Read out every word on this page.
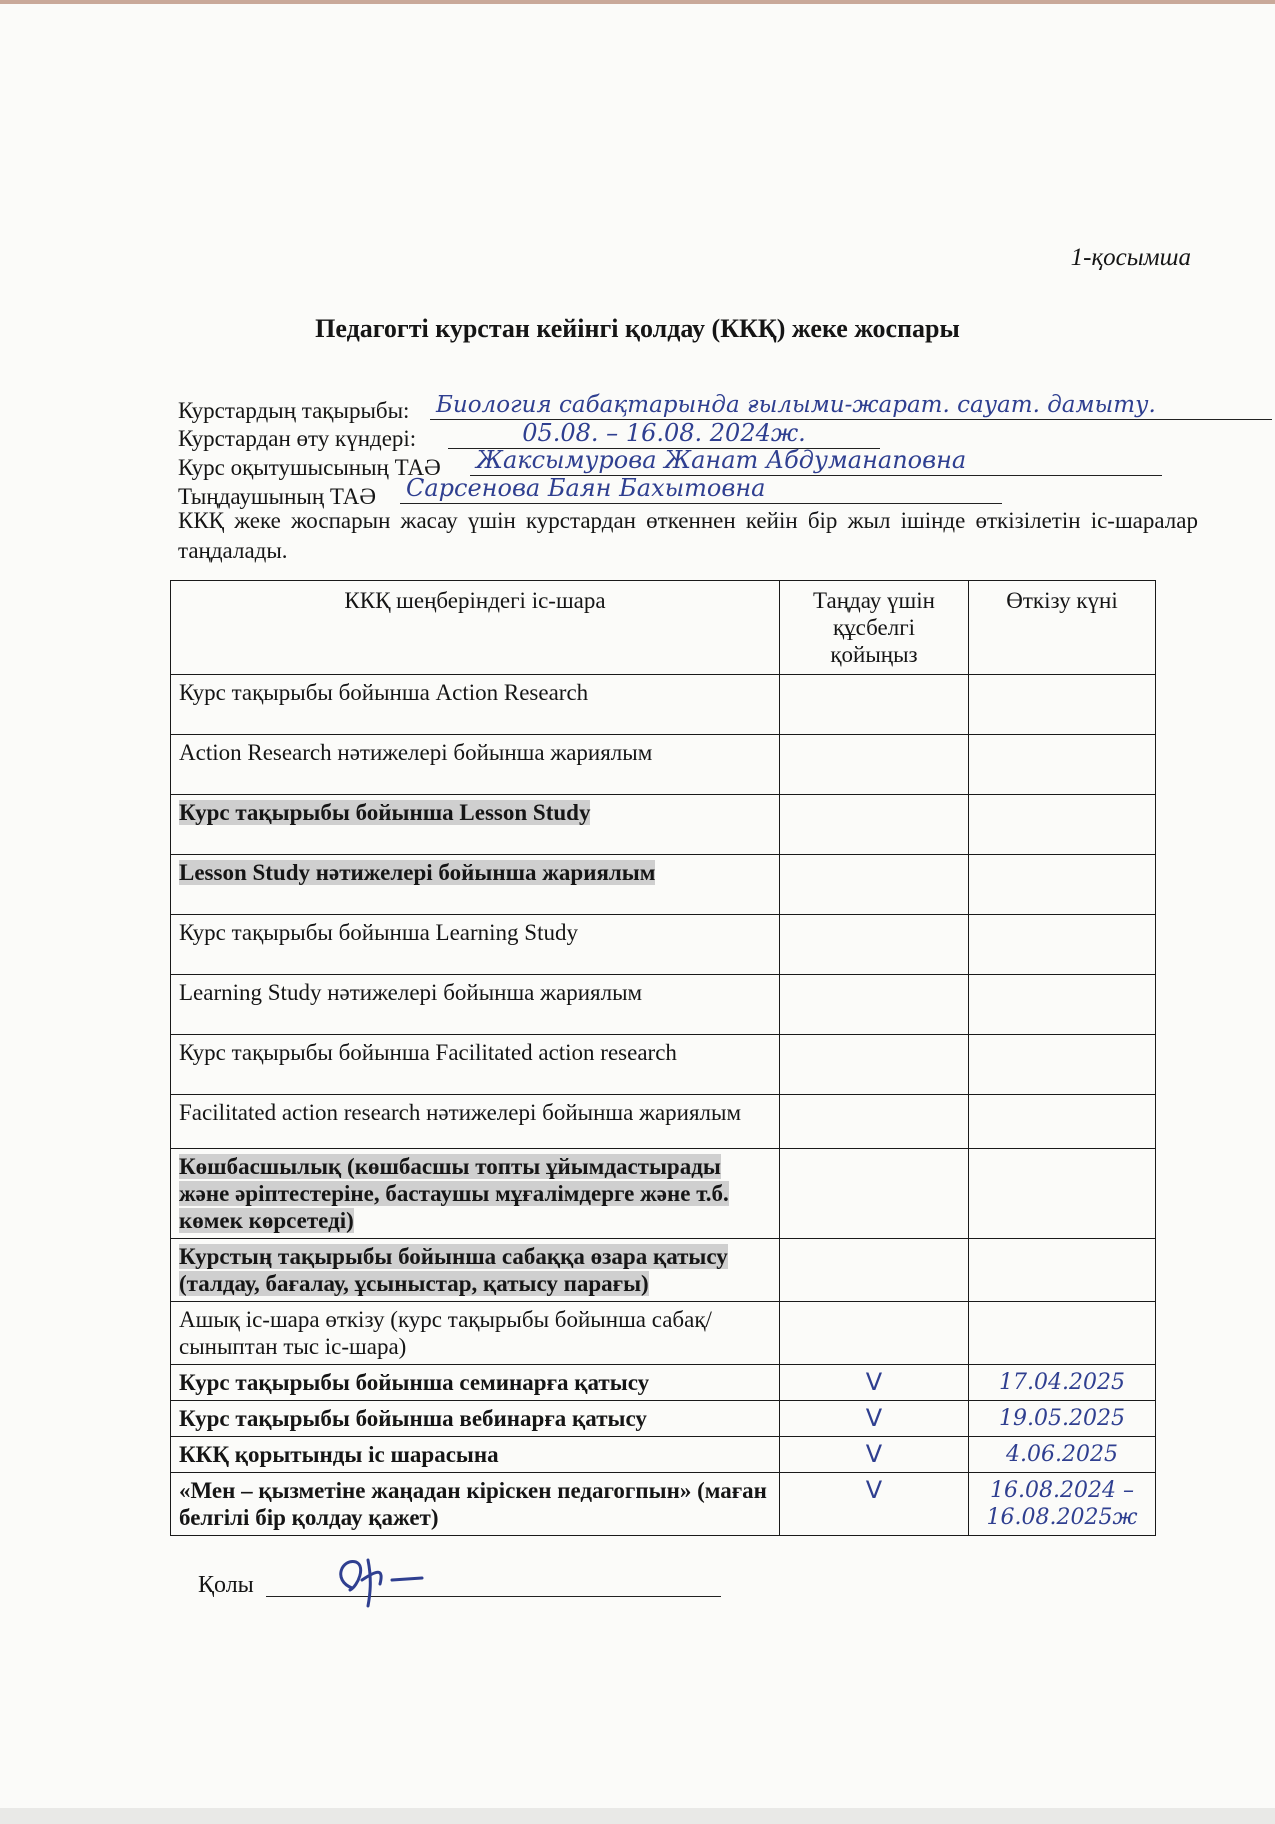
1-қосымша
Педагогті курстан кейінгі қолдау (ККҚ) жеке жоспары
Курстардың тақырыбы: Биология сабақтарында ғылыми-жарат. сауат. дамыту.
Курстардан өту күндері:	05.08. – 16.08. 2024ж.
Курс оқытушысының ТАӘ Жаксымурова Жанат Абдуманаповна
Тыңдаушының ТАӘ Сарсенова Баян Бахытовна
ККҚ жеке жоспарын жасау үшін курстардан өткеннен кейін бір жыл ішінде өткізілетін іс-шаралар таңдалады.
ККҚ шеңберіндегі іс-шара	Таңдау үшін құсбелгі қойыңыз	Өткізу күні
Курс тақырыбы бойынша Action Research		
Action Research нәтижелері бойынша жариялым		
Курс тақырыбы бойынша Lesson Study		
Lesson Study нәтижелері бойынша жариялым		
Курс тақырыбы бойынша Learning Study		
Learning Study нәтижелері бойынша жариялым		
Курс тақырыбы бойынша Facilitated action research		
Facilitated action research нәтижелері бойынша жариялым		
Көшбасшылық (көшбасшы топты ұйымдастырады және әріптестеріне, бастаушы мұғалімдерге және т.б. көмек көрсетеді)		
Курстың тақырыбы бойынша сабаққа өзара қатысу (талдау, бағалау, ұсыныстар, қатысу парағы)		
Ашық іс-шара өткізу (курс тақырыбы бойынша сабақ/сыныптан тыс іс-шара)		
Курс тақырыбы бойынша семинарға қатысу	V	17.04.2025
Курс тақырыбы бойынша вебинарға қатысу	V	19.05.2025
ККҚ қорытынды іс шарасына	V	4.06.2025
«Мен – қызметіне жаңадан кіріскен педагогпын» (маған белгілі бір қолдау қажет)	V	16.08.2024 – 16.08.2025ж
Қолы
